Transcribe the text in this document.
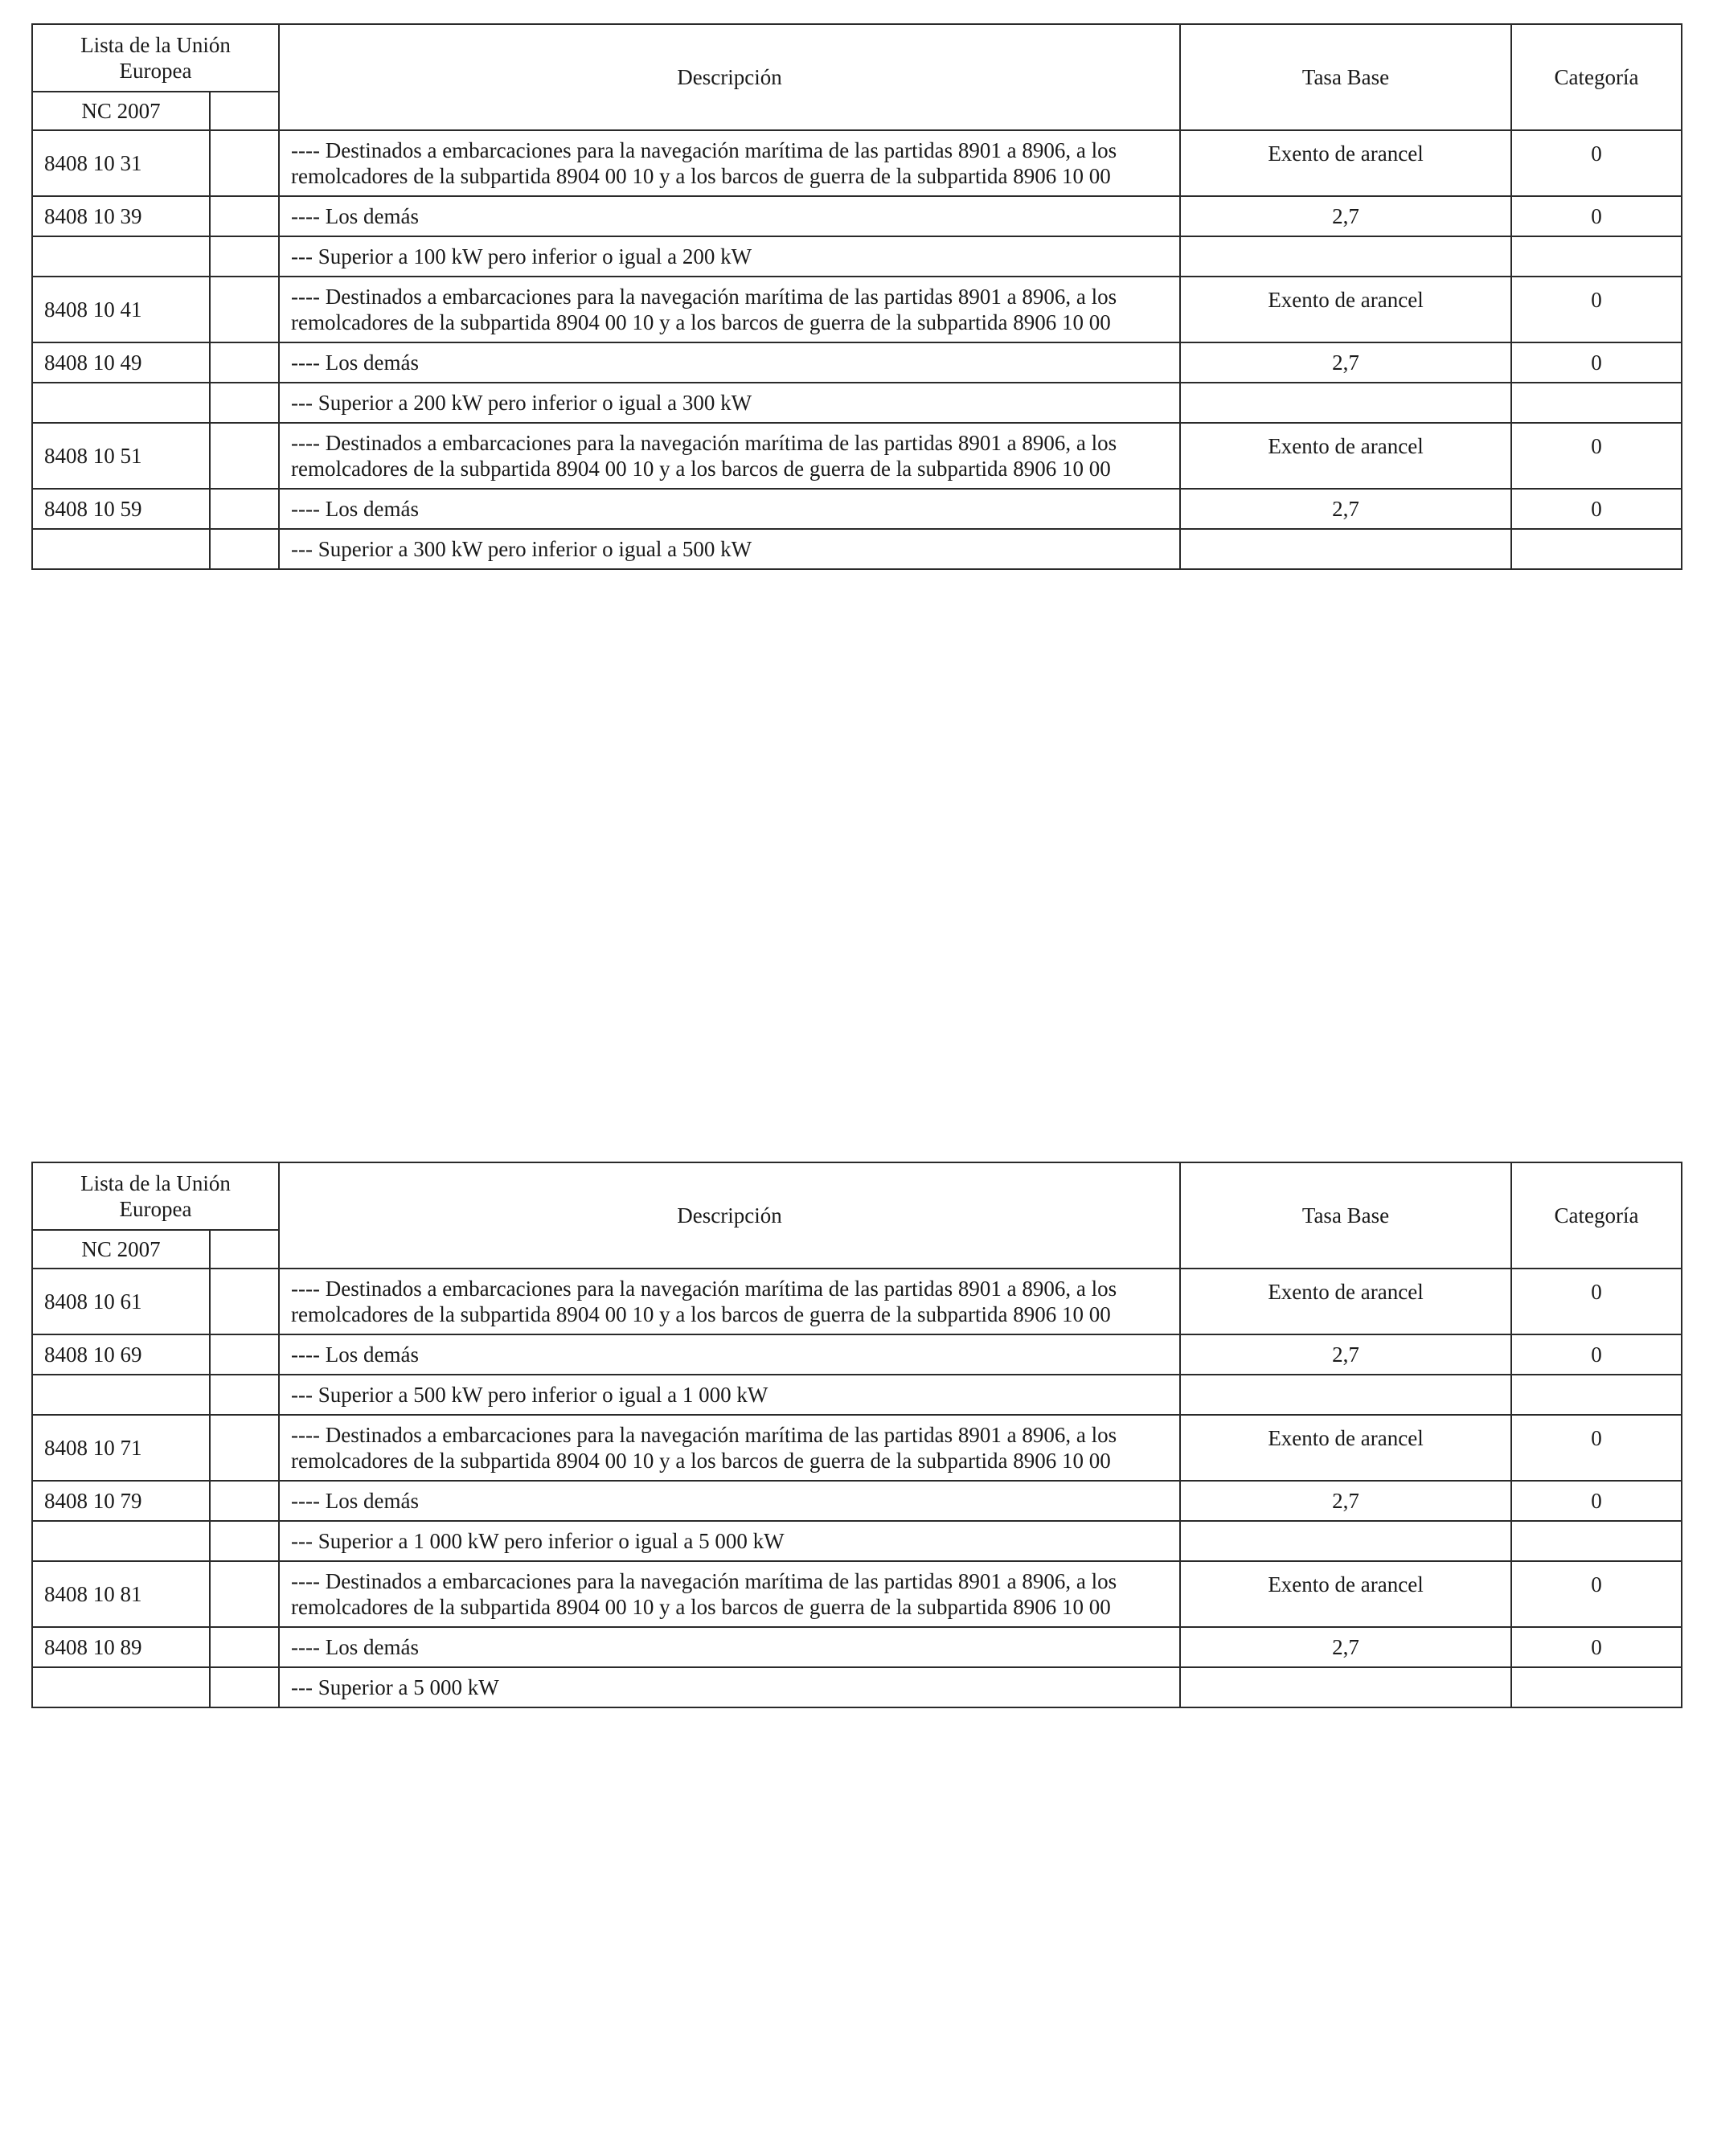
Lista de la Unión Europea		Descripción	Tasa Base	Categoría
NC 2007				
8408 10 31		---- Destinados a embarcaciones para la navegación marítima de las partidas 8901 a 8906, a los remolcadores de la subpartida 8904 00 10 y a los barcos de guerra de la subpartida 8906 10 00	Exento de arancel	0
8408 10 39		---- Los demás	2,7	0
		--- Superior a 100 kW pero inferior o igual a 200 kW		
8408 10 41		---- Destinados a embarcaciones para la navegación marítima de las partidas 8901 a 8906, a los remolcadores de la subpartida 8904 00 10 y a los barcos de guerra de la subpartida 8906 10 00	Exento de arancel	0
8408 10 49		---- Los demás	2,7	0
		--- Superior a 200 kW pero inferior o igual a 300 kW		
8408 10 51		---- Destinados a embarcaciones para la navegación marítima de las partidas 8901 a 8906, a los remolcadores de la subpartida 8904 00 10 y a los barcos de guerra de la subpartida 8906 10 00	Exento de arancel	0
8408 10 59		---- Los demás	2,7	0
		--- Superior a 300 kW pero inferior o igual a 500 kW		
Lista de la Unión Europea		Descripción	Tasa Base	Categoría
NC 2007				
8408 10 61		---- Destinados a embarcaciones para la navegación marítima de las partidas 8901 a 8906, a los remolcadores de la subpartida 8904 00 10 y a los barcos de guerra de la subpartida 8906 10 00	Exento de arancel	0
8408 10 69		---- Los demás	2,7	0
		--- Superior a 500 kW pero inferior o igual a 1 000 kW		
8408 10 71		---- Destinados a embarcaciones para la navegación marítima de las partidas 8901 a 8906, a los remolcadores de la subpartida 8904 00 10 y a los barcos de guerra de la subpartida 8906 10 00	Exento de arancel	0
8408 10 79		---- Los demás	2,7	0
		--- Superior a 1 000 kW pero inferior o igual a 5 000 kW		
8408 10 81		---- Destinados a embarcaciones para la navegación marítima de las partidas 8901 a 8906, a los remolcadores de la subpartida 8904 00 10 y a los barcos de guerra de la subpartida 8906 10 00	Exento de arancel	0
8408 10 89		---- Los demás	2,7	0
		--- Superior a 5 000 kW		
